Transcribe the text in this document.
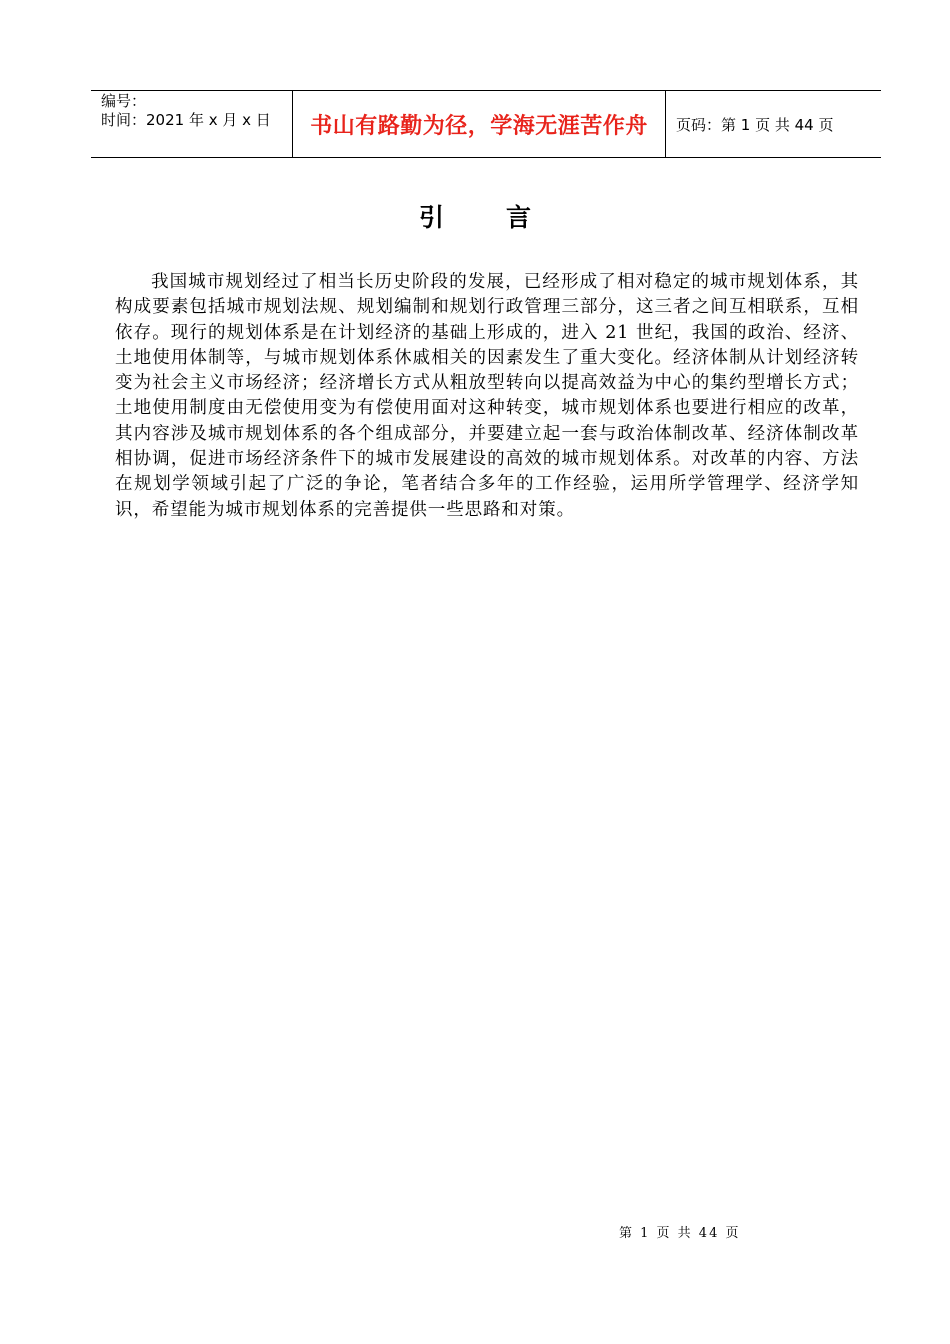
编号：
时间：2021 年 x 月 x 日 书山有路勤为径，学海无涯苦作舟 页码：第 1 页 共 44 页
引言

我国城市规划经过了相当长历史阶段的发展，已经形成了相对稳定的城市规划体系，其构成要素包括城市规划法规、规划编制和规划行政管理三部分，这三者之间互相联系，互相依存。现行的规划体系是在计划经济的基础上形成的，进入 21 世纪，我国的政治、经济、土地使用体制等，与城市规划体系休戚相关的因素发生了重大变化。经济体制从计划经济转变为社会主义市场经济；经济增长方式从粗放型转向以提高效益为中心的集约型增长方式；土地使用制度由无偿使用变为有偿使用面对这种转变，城市规划体系也要进行相应的改革，其内容涉及城市规划体系的各个组成部分，并要建立起一套与政治体制改革、经济体制改革相协调，促进市场经济条件下的城市发展建设的高效的城市规划体系。对改革的内容、方法在规划学领域引起了广泛的争论，笔者结合多年的工作经验，运用所学管理学、经济学知识，希望能为城市规划体系的完善提供一些思路和对策。

第 1 页 共 44 页
